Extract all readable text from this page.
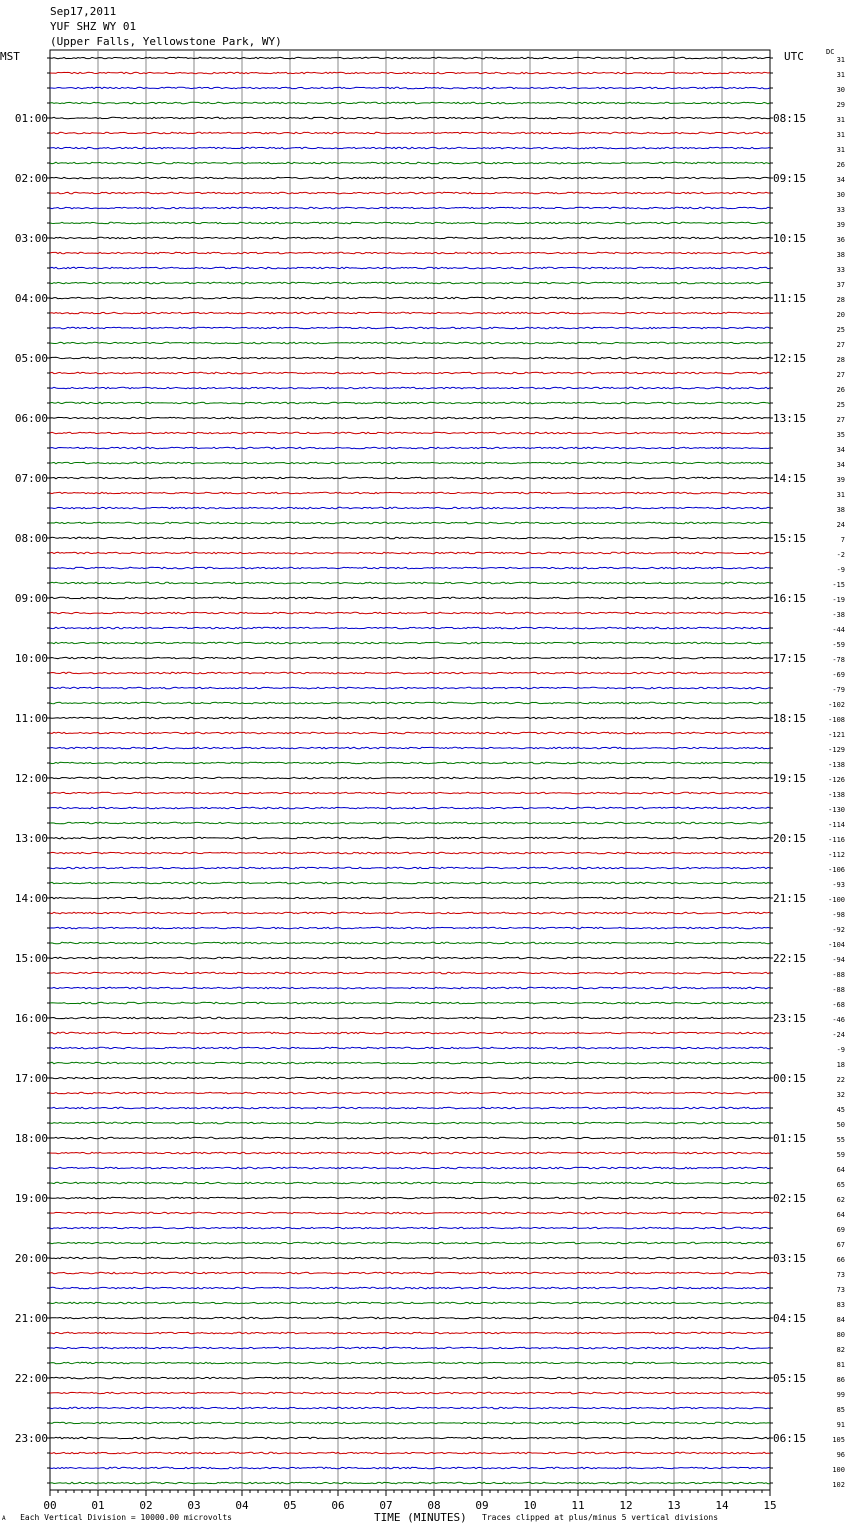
Sep17,2011
YUF SHZ WY 01
(Upper Falls, Yellowstone Park, WY)
MST	UTC	DC
31
31
30
29
31
31
31
26
34
30
33
39
36
38
33
37
28
20
25
27
28
27
26
25
27
35
34
34
39
31
38
24
7
-2
-9
-15
-19
-38
-44
-59
-78
-69
-79
-102
-108
-121
-129
-138
-126
-138
-130
-114
-116
-112
-106
-93
-100
-98
-92
-104
-94
-88
-88
-68
-46
-24
-9
18
22
32
45
50
55
59
64
65
62
64
69
67
66
73
73
83
84
80
82
81
86
99
85
91
105
96
100
102
01:00
02:00
03:00
04:00
05:00
06:00
07:00
08:00
09:00
10:00
11:00
12:00
13:00
14:00
15:00
16:00
17:00
18:00
19:00
20:00
21:00
22:00
23:00
08:15
09:15
10:15
11:15
12:15
13:15
14:15
15:15
16:15
17:15
18:15
19:15
20:15
21:15
22:15
23:15
00:15
01:15
02:15
03:15
04:15
05:15
06:15
00	01	02	03	04	05	06	07	08	09	10	11	12	13	14	15
A Each Vertical Division = 10000.00 microvolts	TIME (MINUTES) Traces clipped at plus/minus 5 vertical divisions
